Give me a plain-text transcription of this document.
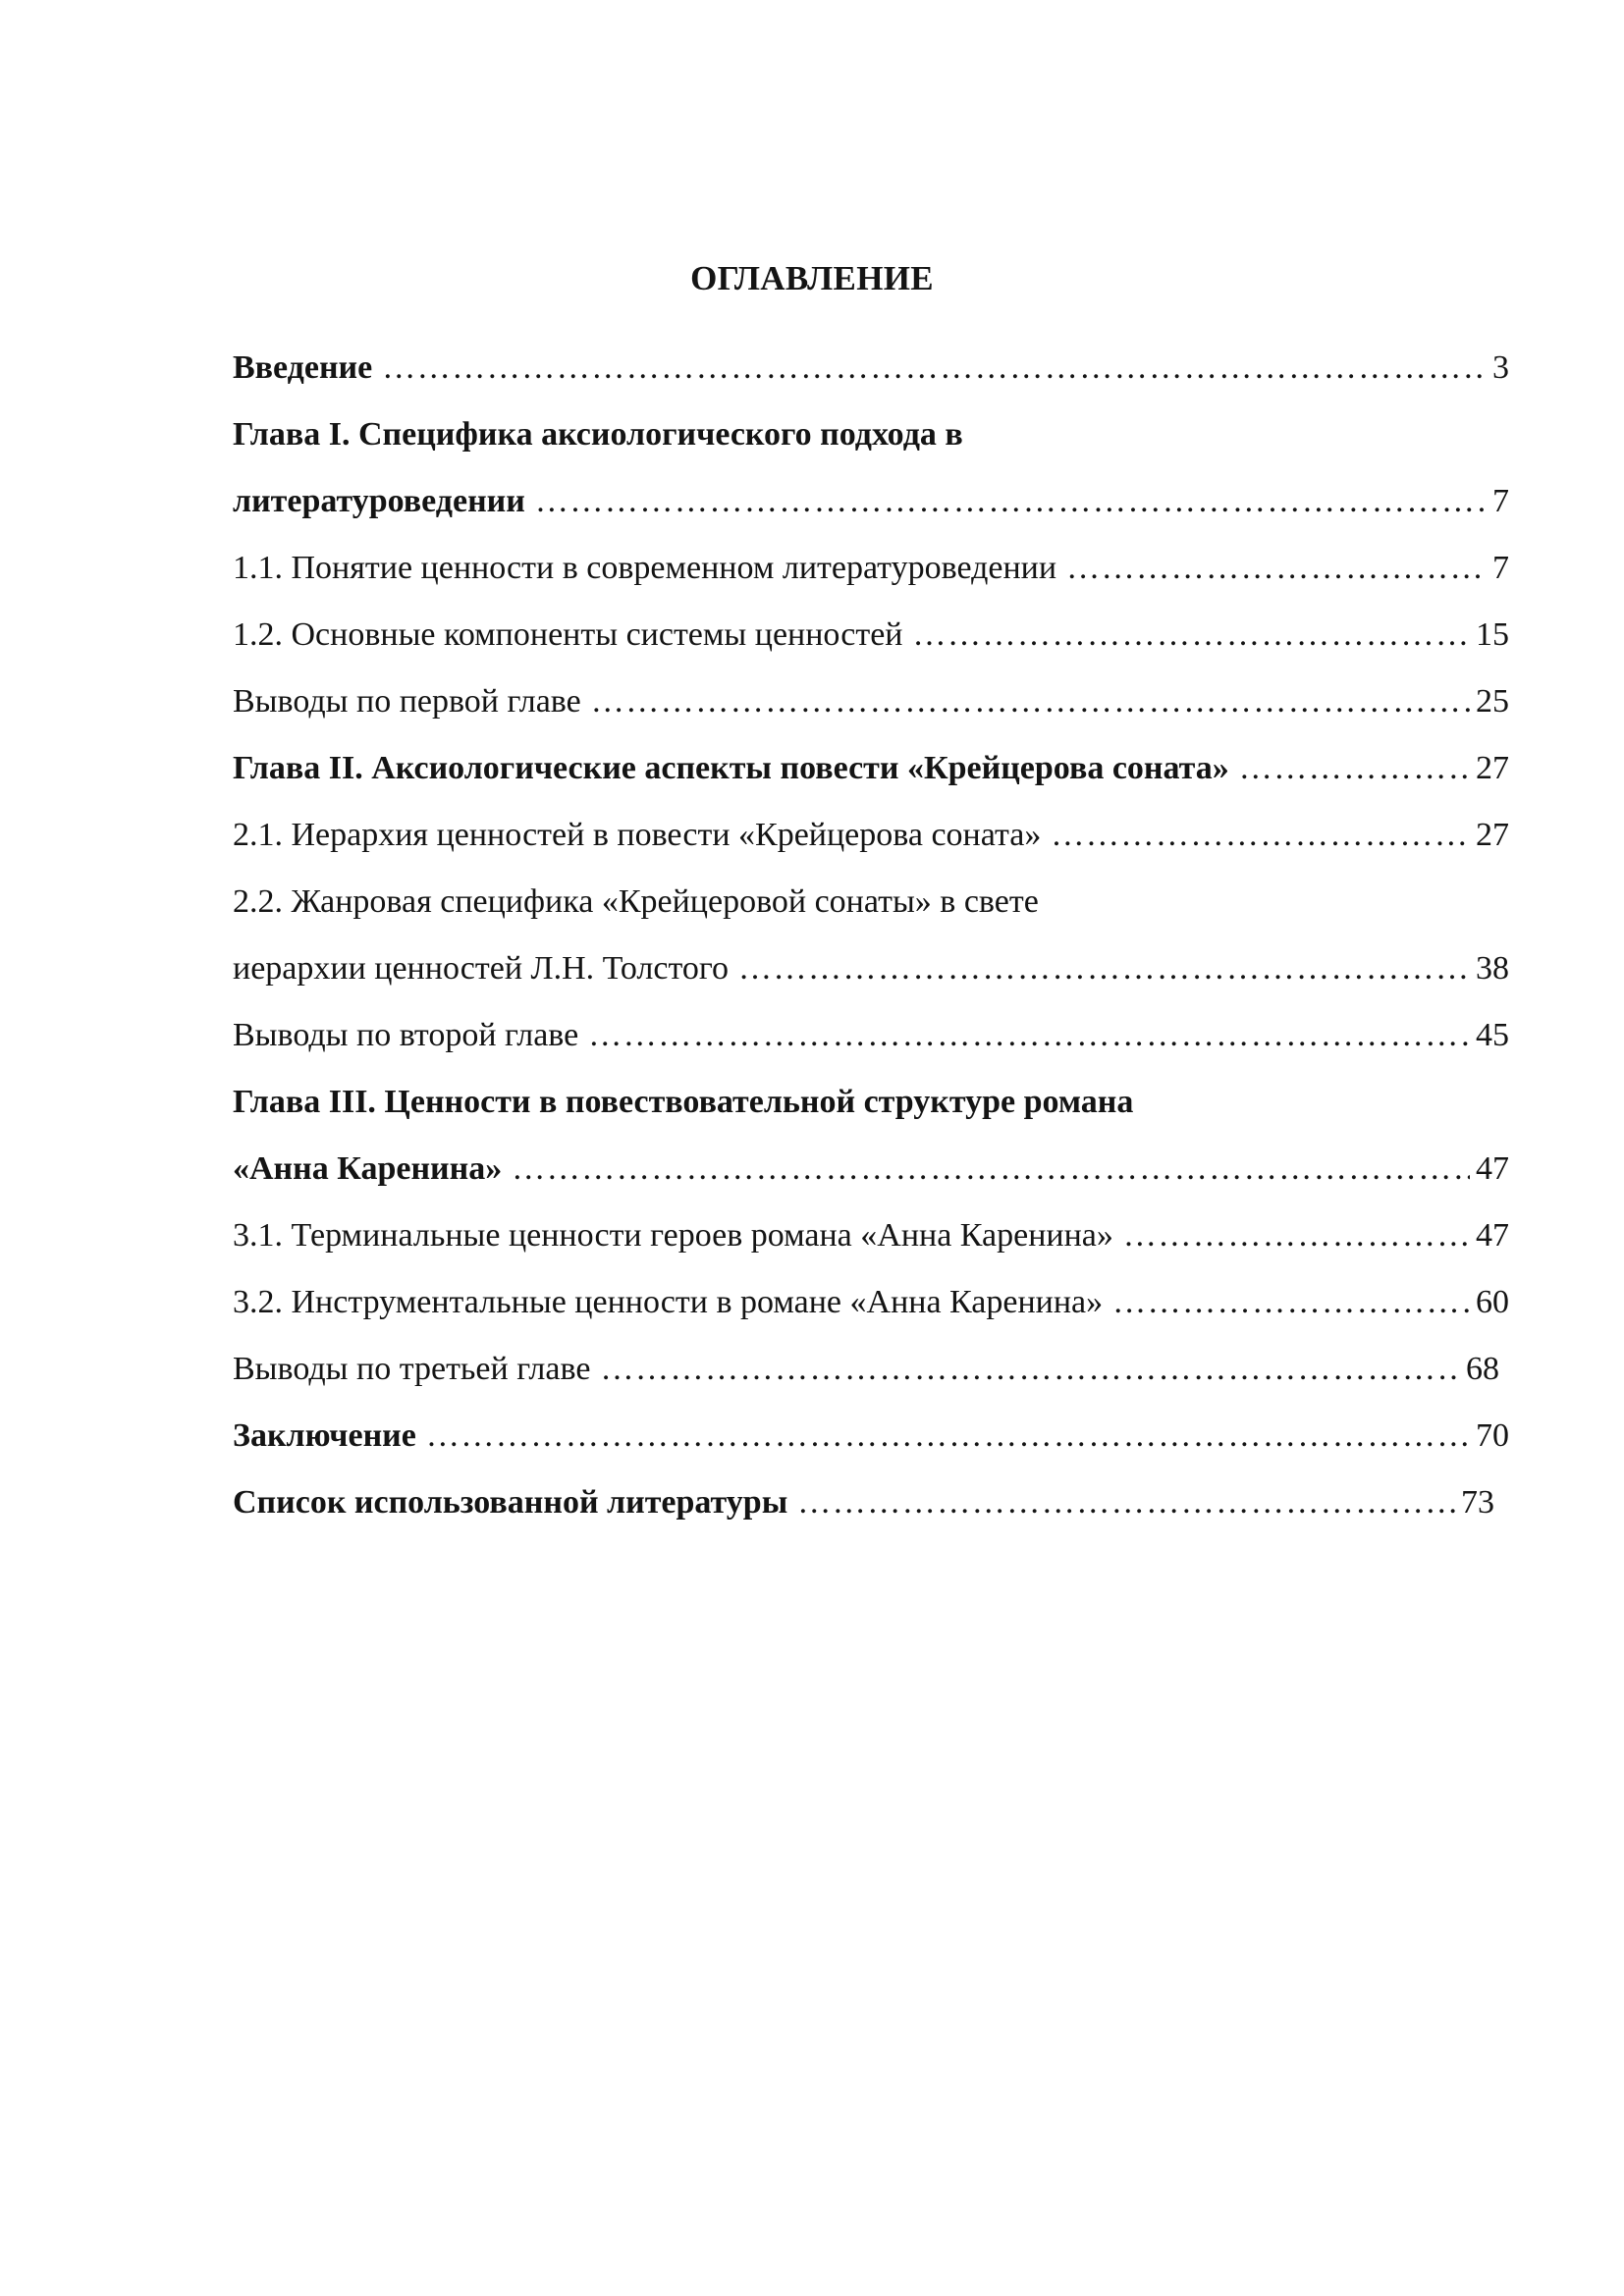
ОГЛАВЛЕНИЕ
Введение …………………………………………………………………………………………………………………………………………………………………………………………………………	3
Глава I. Специфика аксиологического подхода в
литературоведении …………………………………………………………………………………………………………………………………………………………………………………………………………	7
1.1. Понятие ценности в современном литературоведении …………………………………………………………………………………………………………………………………………………………………………………………………………	7
1.2. Основные компоненты системы ценностей …………………………………………………………………………………………………………………………………………………………………………………………………………	15
Выводы по первой главе …………………………………………………………………………………………………………………………………………………………………………………………………………	25
Глава II. Аксиологические аспекты повести «Крейцерова соната» …………………………………………………………………………………………………………………………………………………………………………………………………………	27
2.1. Иерархия ценностей в повести «Крейцерова соната» …………………………………………………………………………………………………………………………………………………………………………………………………………	27
2.2. Жанровая специфика «Крейцеровой сонаты» в свете
иерархии ценностей Л.Н. Толстого …………………………………………………………………………………………………………………………………………………………………………………………………………	38
Выводы по второй главе …………………………………………………………………………………………………………………………………………………………………………………………………………	45
Глава III. Ценности в повествовательной структуре романа
«Анна Каренина» …………………………………………………………………………………………………………………………………………………………………………………………………………	47
3.1. Терминальные ценности героев романа «Анна Каренина» …………………………………………………………………………………………………………………………………………………………………………………………………………	47
3.2. Инструментальные ценности в романе «Анна Каренина» …………………………………………………………………………………………………………………………………………………………………………………………………………	60
Выводы по третьей главе …………………………………………………………………………………………………………………………………………………………………………………………………………	68
Заключение …………………………………………………………………………………………………………………………………………………………………………………………………………	70
Список использованной литературы …………………………………………………………………………………………………………………………………………………………………………………………………………	73
